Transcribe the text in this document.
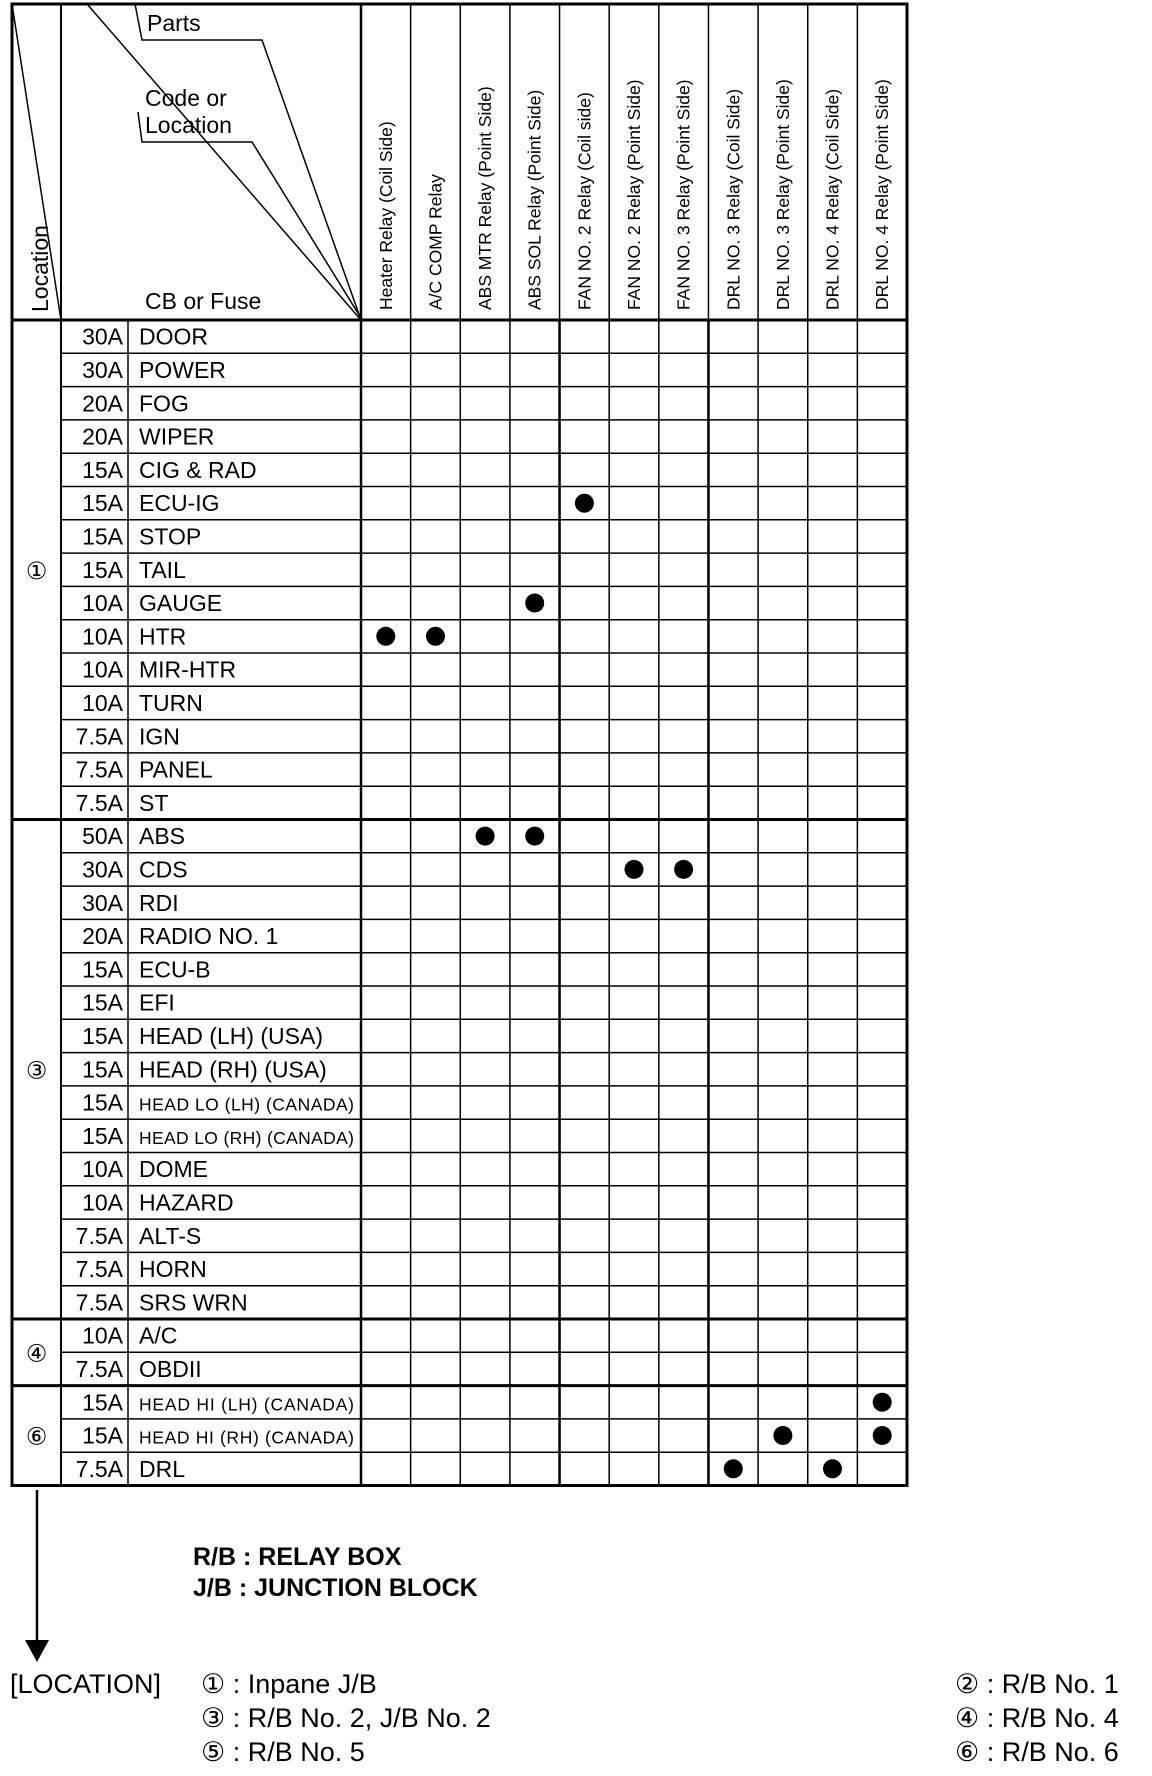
Parts
Code or
Location
CB or Fuse
Location	Heater Relay (Coil Side) A/C COMP Relay ABS MTR Relay (Point Side) ABS SOL Relay (Point Side) FAN NO. 2 Relay (Coil side) FAN NO. 2 Relay (Point Side) FAN NO. 3 Relay (Point Side) DRL NO. 3 Relay (Coil Side) DRL NO. 3 Relay (Point Side) DRL NO. 4 Relay (Coil Side) DRL NO. 4 Relay (Point Side)
30A DOOR
30A POWER
20A FOG
20A WIPER
15A CIG & RAD
15A ECU-IG
15A STOP
15A TAIL
10A GAUGE
10A HTR
10A MIR-HTR
10A TURN
7.5A IGN
7.5A PANEL
7.5A ST
①
50A ABS
30A CDS
30A RDI
20A RADIO NO. 1
15A ECU-B
15A EFI
15A HEAD (LH) (USA)
15A HEAD (RH) (USA)
15A HEAD LO (LH) (CANADA)
15A HEAD LO (RH) (CANADA)
10A DOME
10A HAZARD
7.5A ALT-S
7.5A HORN
7.5A SRS WRN
③
10A A/C
7.5A OBDII
④
15A HEAD HI (LH) (CANADA)
15A HEAD HI (RH) (CANADA)
7.5A DRL
⑥
R/B : RELAY BOX
J/B : JUNCTION BLOCK
[LOCATION] ① : Inpane J/B
③ : R/B No. 2, J/B No. 2
⑤ : R/B No. 5
② : R/B No. 1
④ : R/B No. 4
⑥ : R/B No. 6
